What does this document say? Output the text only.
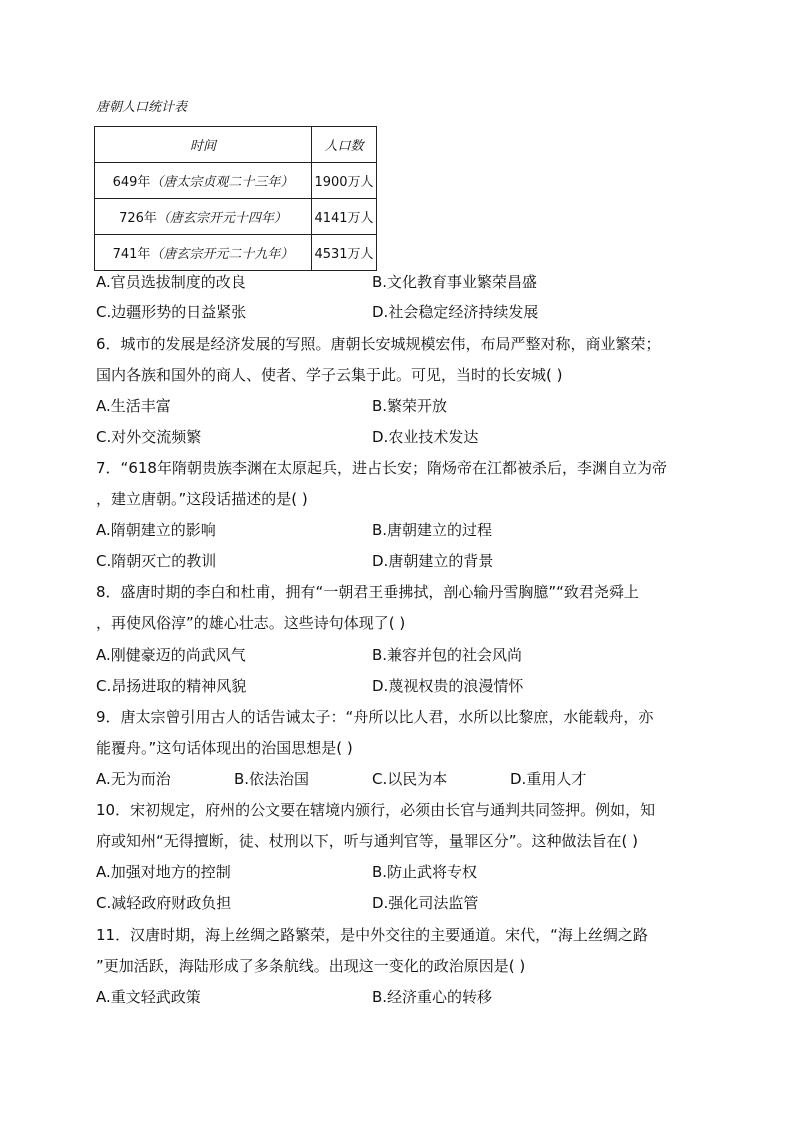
唐朝人口统计表
时间	人口数
649年（唐太宗贞观二十三年）	1900万人
726年（唐玄宗开元十四年）	4141万人
741年（唐玄宗开元二十九年）	4531万人
A.官员选拔制度的改良	B.文化教育事业繁荣昌盛
C.边疆形势的日益紧张	D.社会稳定经济持续发展
6．城市的发展是经济发展的写照。唐朝长安城规模宏伟，布局严整对称，商业繁荣；
国内各族和国外的商人、使者、学子云集于此。可见，当时的长安城( )
A.生活丰富	B.繁荣开放
C.对外交流频繁	D.农业技术发达
7．“618年隋朝贵族李渊在太原起兵，进占长安；隋炀帝在江都被杀后，李渊自立为帝
，建立唐朝。”这段话描述的是( )
A.隋朝建立的影响	B.唐朝建立的过程
C.隋朝灭亡的教训	D.唐朝建立的背景
8．盛唐时期的李白和杜甫，拥有“一朝君王垂拂拭，剖心输丹雪胸臆”“致君尧舜上
，再使风俗淳”的雄心壮志。这些诗句体现了( )
A.刚健豪迈的尚武风气	B.兼容并包的社会风尚
C.昂扬进取的精神风貌	D.蔑视权贵的浪漫情怀
9．唐太宗曾引用古人的话告诫太子：“舟所以比人君，水所以比黎庶，水能载舟，亦
能覆舟。”这句话体现出的治国思想是( )
A.无为而治	B.依法治国	C.以民为本	D.重用人才
10．宋初规定，府州的公文要在辖境内颁行，必须由长官与通判共同签押。例如，知
府或知州“无得擅断，徒、杖刑以下，听与通判官等，量罪区分”。这种做法旨在( )
A.加强对地方的控制	B.防止武将专权
C.减轻政府财政负担	D.强化司法监管
11．汉唐时期，海上丝绸之路繁荣，是中外交往的主要通道。宋代，“海上丝绸之路
”更加活跃，海陆形成了多条航线。出现这一变化的政治原因是( )
A.重文轻武政策	B.经济重心的转移
